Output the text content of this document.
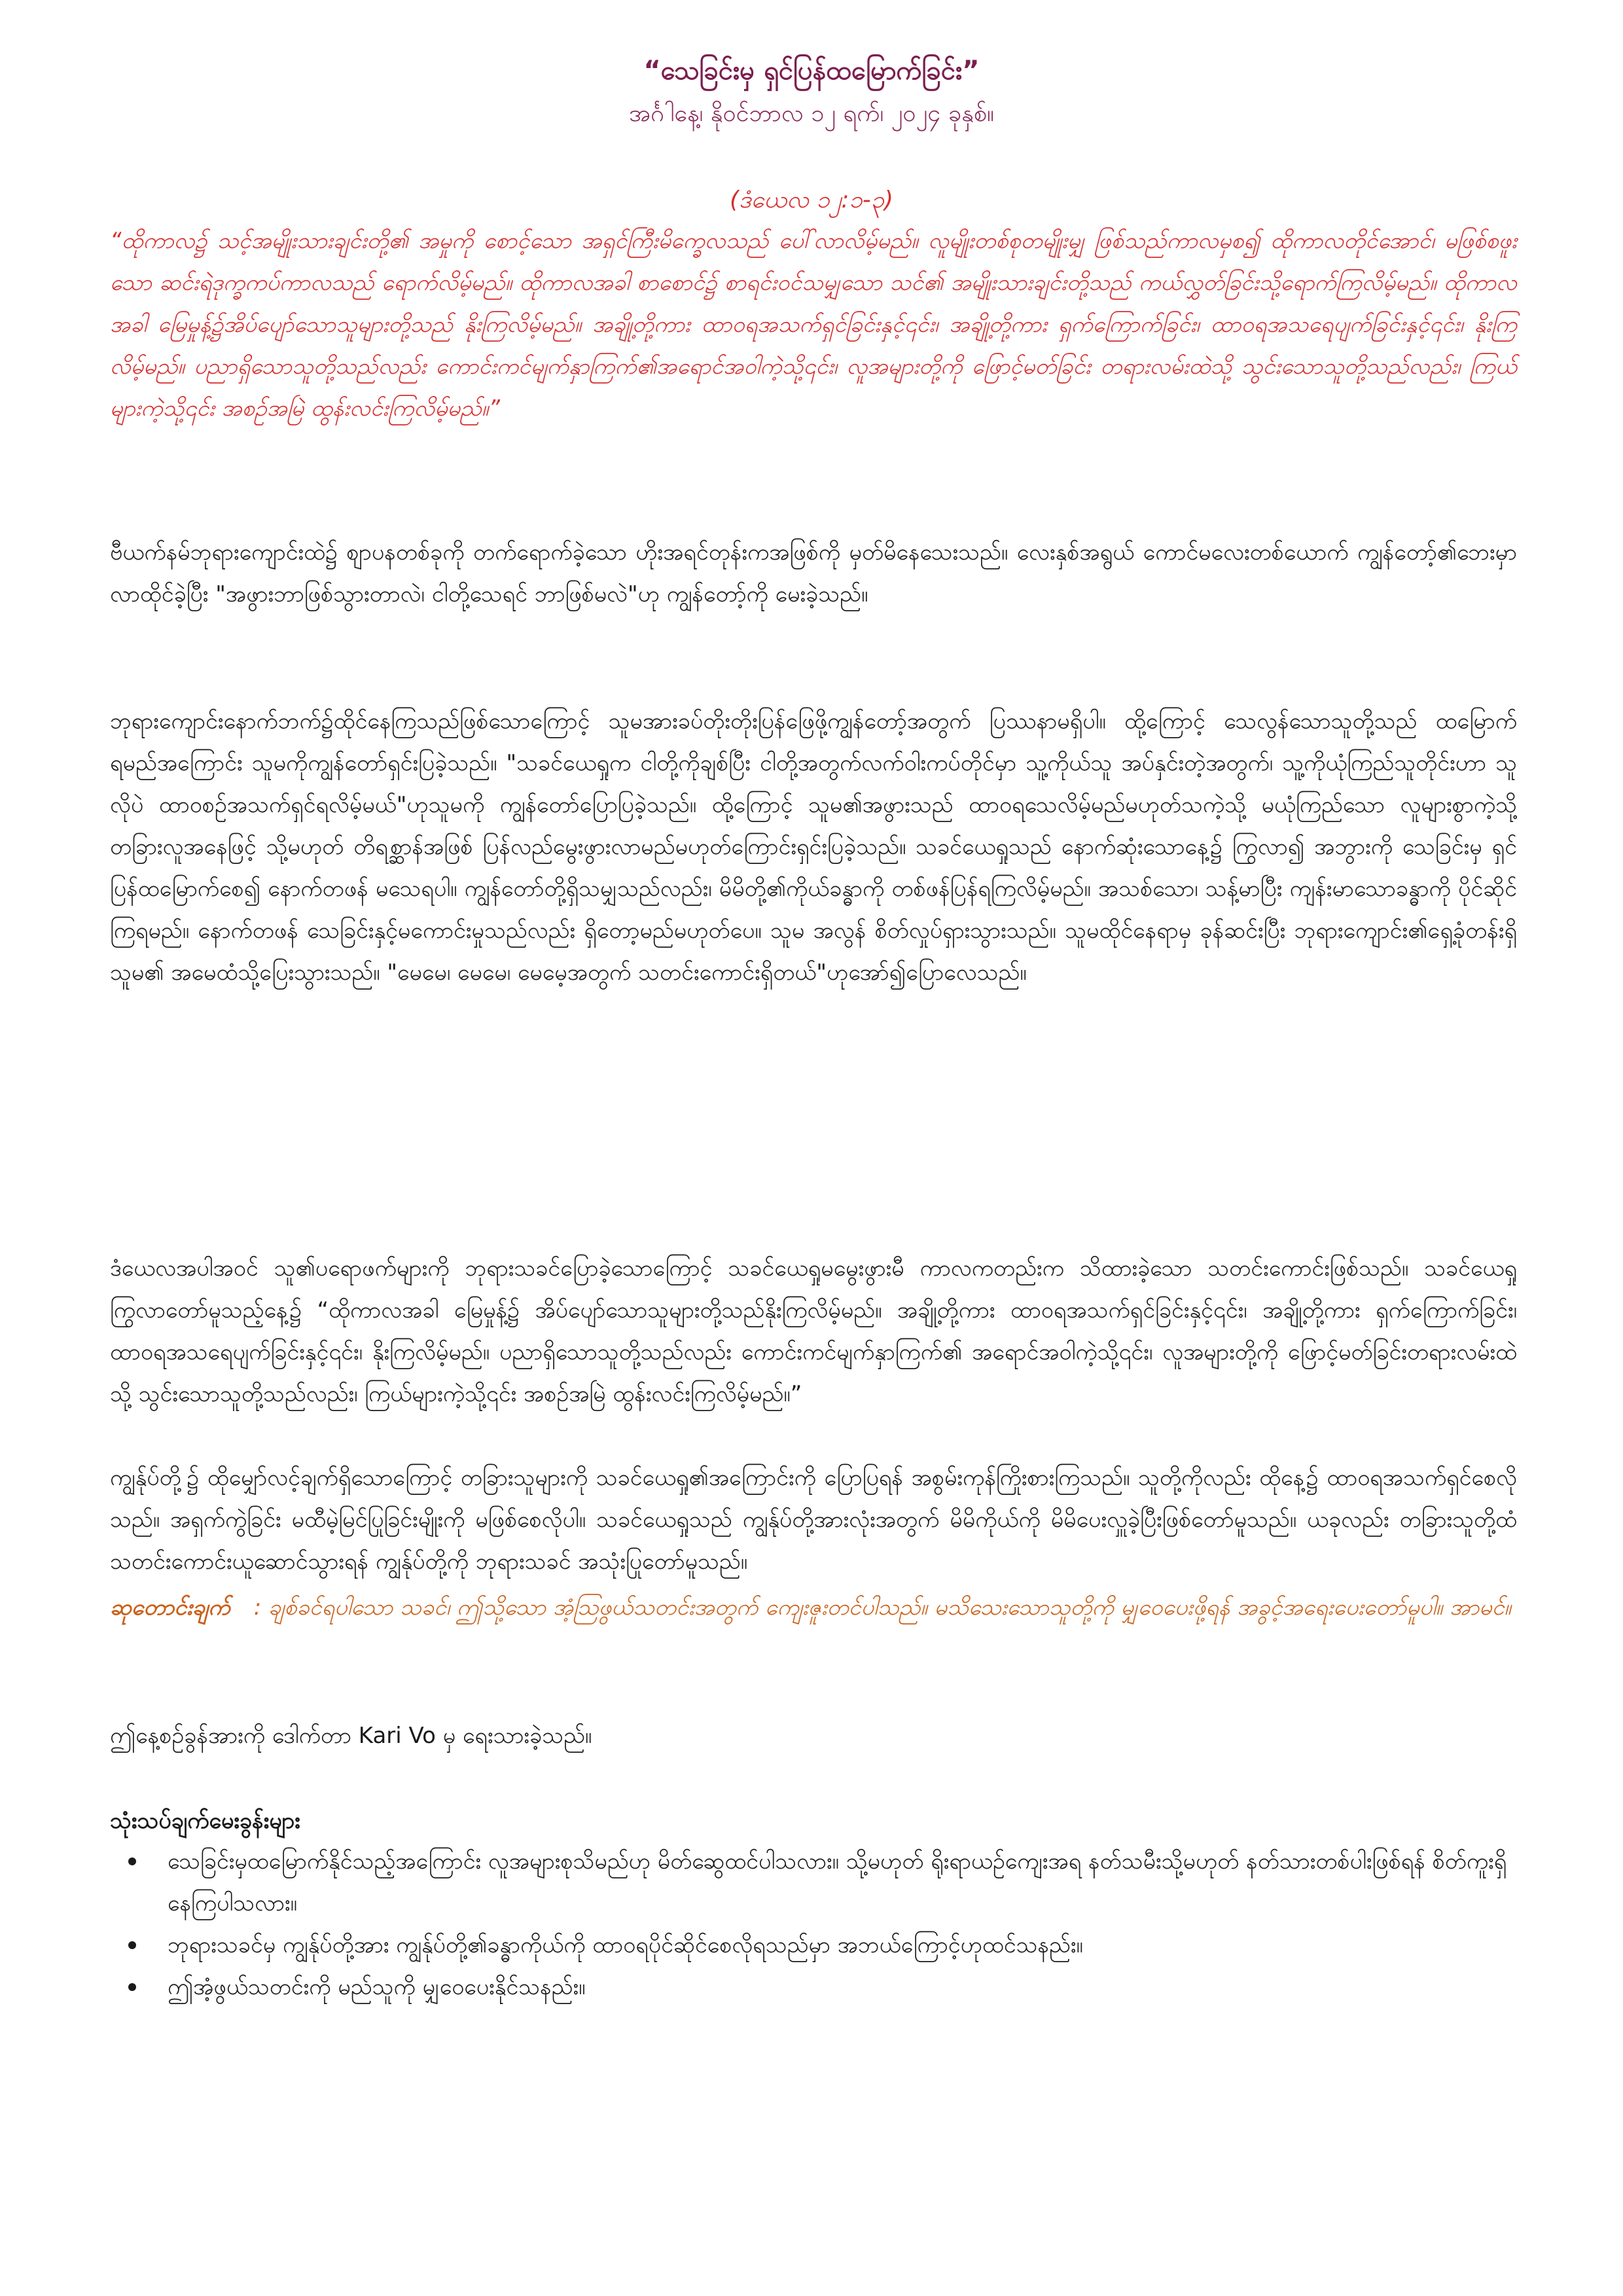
“သေခြင်းမှ ရှင်ပြန်ထမြောက်ခြင်း”
အင်္ဂါနေ့၊ နိုဝင်ဘာလ ၁၂ ရက်၊ ၂၀၂၄ ခုနှစ်။
(ဒံယေလ ၁၂:၁-၃)
“ထိုကာလ၌ သင့်အမျိုးသားချင်းတို့၏ အမှုကို စောင့်သော အရှင်ကြီးမိက္ခေလသည် ပေါ်လာလိမ့်မည်။ လူမျိုးတစ်စုတမျိုးမျှ ဖြစ်သည်ကာလမှစ၍ ထိုကာလတိုင်အောင်၊ မဖြစ်စဖူးသော ဆင်းရဲဒုက္ခကပ်ကာလသည် ရောက်လိမ့်မည်။ ထိုကာလအခါ စာစောင်၌ စာရင်းဝင်သမျှသော သင်၏ အမျိုးသားချင်းတို့သည် ကယ်လွှတ်ခြင်းသို့ရောက်ကြလိမ့်မည်။ ထိုကာလအခါ မြေမှုန့်၌အိပ်ပျော်သောသူများတို့သည် နိုးကြလိမ့်မည်။ အချို့တို့ကား ထာဝရအသက်ရှင်ခြင်းနှင့်၎င်း၊ အချို့တို့ကား ရှက်ကြောက်ခြင်း၊ ထာဝရအသရေပျက်ခြင်းနှင့်၎င်း၊ နိုးကြလိမ့်မည်။ ပညာရှိသောသူတို့သည်လည်း ကောင်းကင်မျက်နှာကြက်၏အရောင်အဝါကဲ့သို့၎င်း၊ လူအများတို့ကို ဖြောင့်မတ်ခြင်း တရားလမ်းထဲသို့ သွင်းသောသူတို့သည်လည်း၊ ကြယ်များကဲ့သို့၎င်း အစဉ်အမြဲ ထွန်းလင်းကြလိမ့်မည်။”
ဗီယက်နမ်ဘုရားကျောင်းထဲ၌ စျာပနတစ်ခုကို တက်ရောက်ခဲ့သော ဟိုးအရင်တုန်းကအဖြစ်ကို မှတ်မိနေသေးသည်။ လေးနှစ်အရွယ် ကောင်မလေးတစ်ယောက် ကျွန်တော့်၏ဘေးမှာ လာထိုင်ခဲ့ပြီး "အဖွားဘာဖြစ်သွားတာလဲ၊ ငါတို့သေရင် ဘာဖြစ်မလဲ"ဟု ကျွန်တော့်ကို မေးခဲ့သည်။
ဘုရားကျောင်းနောက်ဘက်၌ထိုင်နေကြသည်ဖြစ်သောကြောင့် သူမအားခပ်တိုးတိုးပြန်ဖြေဖို့ကျွန်တော့်အတွက် ပြဿနာမရှိပါ။ ထို့ကြောင့် သေလွန်သောသူတို့သည် ထမြောက်ရမည်အကြောင်း သူမကိုကျွန်တော်ရှင်းပြခဲ့သည်။ "သခင်ယေရှုက ငါတို့ကိုချစ်ပြီး ငါတို့အတွက်လက်ဝါးကပ်တိုင်မှာ သူ့ကိုယ်သူ အပ်နှင်းတဲ့အတွက်၊ သူ့ကိုယုံကြည်သူတိုင်းဟာ သူလိုပဲ ထာဝစဉ်အသက်ရှင်ရလိမ့်မယ်"ဟုသူမကို ကျွန်တော်ပြောပြခဲ့သည်။ ထို့ကြောင့် သူမ၏အဖွားသည် ထာဝရသေလိမ့်မည်မဟုတ်သကဲ့သို့ မယုံကြည်သော လူများစွာကဲ့သို့ တခြားလူအနေဖြင့် သို့မဟုတ် တိရစ္ဆာန်အဖြစ် ပြန်လည်မွေးဖွားလာမည်မဟုတ်ကြောင်းရှင်းပြခဲ့သည်။ သခင်ယေရှုသည် နောက်ဆုံးသောနေ့၌ ကြွလာ၍ အဘွားကို သေခြင်းမှ ရှင်ပြန်ထမြောက်စေ၍ နောက်တဖန် မသေရပါ။ ကျွန်တော်တို့ရှိသမျှသည်လည်း၊ မိမိတို့၏ကိုယ်ခန္ဓာကို တစ်ဖန်ပြန်ရကြလိမ့်မည်။ အသစ်သော၊ သန့်မာပြီး ကျန်းမာသောခန္ဓာကို ပိုင်ဆိုင်ကြရမည်။ နောက်တဖန် သေခြင်းနှင့်မကောင်းမှုသည်လည်း ရှိတော့မည်မဟုတ်ပေ။ သူမ အလွန် စိတ်လှုပ်ရှားသွားသည်။ သူမထိုင်နေရာမှ ခုန်ဆင်းပြီး ဘုရားကျောင်း၏ရှေ့ခုံတန်းရှိသူမ၏ အမေထံသို့ပြေးသွားသည်။ "မေမေ၊ မေမေ၊ မေမေ့အတွက် သတင်းကောင်းရှိတယ်"ဟုအော်၍ပြောလေသည်။
ဒံယေလအပါအဝင် သူ၏ပရောဖက်များကို ဘုရားသခင်ပြောခဲ့သောကြောင့် သခင်ယေရှုမမွေးဖွားမီ ကာလကတည်းက သိထားခဲ့သော သတင်းကောင်းဖြစ်သည်။ သခင်ယေရှု ကြွလာတော်မူသည့်နေ့၌ “ထိုကာလအခါ မြေမှုန့်၌ အိပ်ပျော်သောသူများတို့သည်နိုးကြလိမ့်မည်။ အချို့တို့ကား ထာဝရအသက်ရှင်ခြင်းနှင့်၎င်း၊ အချို့တို့ကား ရှက်ကြောက်ခြင်း၊ ထာဝရအသရေပျက်ခြင်းနှင့်၎င်း၊ နိုးကြလိမ့်မည်။ ပညာရှိသောသူတို့သည်လည်း ကောင်းကင်မျက်နှာကြက်၏ အရောင်အဝါကဲ့သို့၎င်း၊ လူအများတို့ကို ဖြောင့်မတ်ခြင်းတရားလမ်းထဲသို့ သွင်းသောသူတို့သည်လည်း၊ ကြယ်များကဲ့သို့၎င်း အစဉ်အမြဲ ထွန်းလင်းကြလိမ့်မည်။”
ကျွန်ုပ်တို့၌ ထိုမျှော်လင့်ချက်ရှိသောကြောင့် တခြားသူများကို သခင်ယေရှု၏အကြောင်းကို ပြောပြရန် အစွမ်းကုန်ကြိုးစားကြသည်။ သူတို့ကိုလည်း ထိုနေ့၌ ထာဝရအသက်ရှင်စေလိုသည်။ အရှက်ကွဲခြင်း မထီမဲ့မြင်ပြုခြင်းမျိုးကို မဖြစ်စေလိုပါ။ သခင်ယေရှုသည် ကျွန်ုပ်တို့အားလုံးအတွက် မိမိကိုယ်ကို မိမိပေးလှူခဲ့ပြီးဖြစ်တော်မူသည်။ ယခုလည်း တခြားသူတို့ထံ သတင်းကောင်းယူဆောင်သွားရန် ကျွန်ုပ်တို့ကို ဘုရားသခင် အသုံးပြုတော်မူသည်။
ဆုတောင်းချက် : ချစ်ခင်ရပါသော သခင်၊ ဤသို့သော အံ့ဩဖွယ်သတင်းအတွက် ကျေးဇူးတင်ပါသည်။ မသိသေးသောသူတို့ကို မျှဝေပေးဖို့ရန် အခွင့်အရေးပေးတော်မူပါ။ အာမင်။
ဤနေ့စဉ်ခွန်အားကို ဒေါက်တာ Kari Vo မှ ရေးသားခဲ့သည်။
သုံးသပ်ချက်မေးခွန်းများ
သေခြင်းမှထမြောက်နိုင်သည့်အကြောင်း လူအများစုသိမည်ဟု မိတ်ဆွေထင်ပါသလား။ သို့မဟုတ် ရိုးရာယဉ်ကျေးအရ နတ်သမီးသို့မဟုတ် နတ်သားတစ်ပါးဖြစ်ရန် စိတ်ကူးရှိနေကြပါသလား။
ဘုရားသခင်မှ ကျွန်ုပ်တို့အား ကျွန်ုပ်တို့၏ခန္ဓာကိုယ်ကို ထာဝရပိုင်ဆိုင်စေလိုရသည်မှာ အဘယ်ကြောင့်ဟုထင်သနည်း။
ဤအံ့ဖွယ်သတင်းကို မည်သူကို မျှဝေပေးနိုင်သနည်း။
